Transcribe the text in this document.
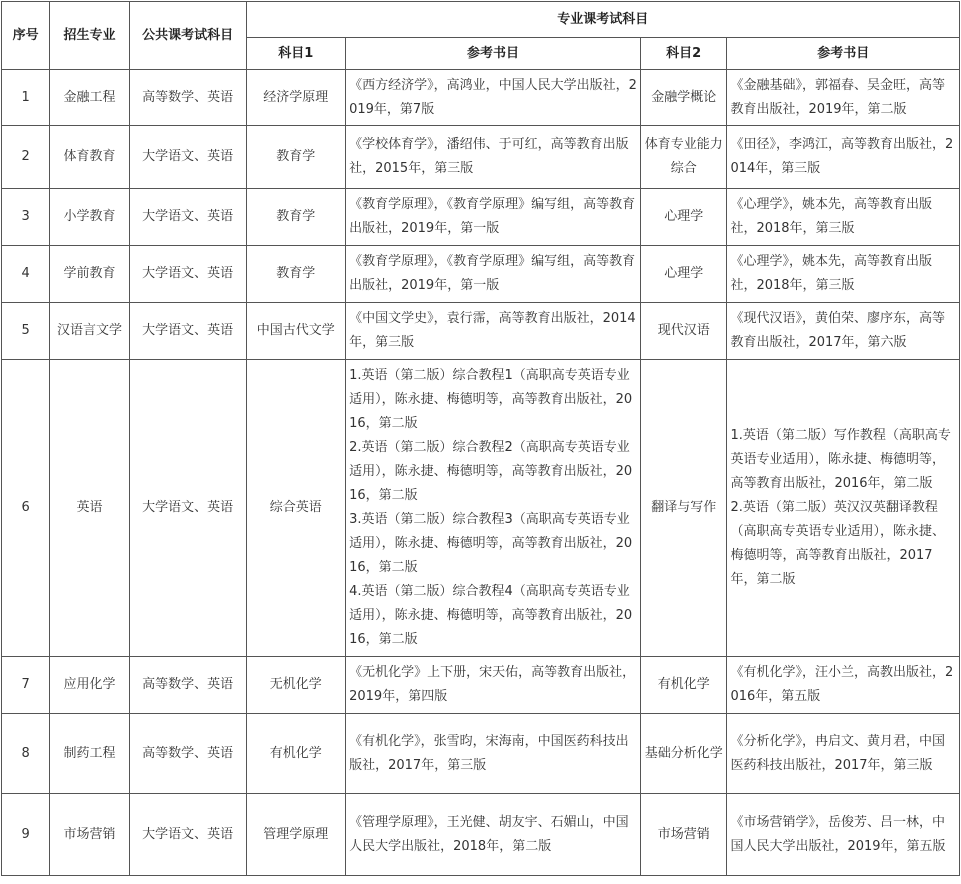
序号	招生专业	公共课考试科目	专业课考试科目			
			科目1	参考书目	科目2	参考书目
1	金融工程	高等数学、英语	经济学原理	《西方经济学》，高鸿业，中国人民大学出版社，2019年，第7版	金融学概论	《金融基础》，郭福春、吴金旺，高等教育出版社，2019年，第二版

2	体育教育	大学语文、英语	教育学	《学校体育学》，潘绍伟、于可红，高等教育出版社，2015年，第三版	体育专业能力综合	《田径》，李鸿江，高等教育出版社，2014年，第三版

3	小学教育	大学语文、英语	教育学	《教育学原理》，《教育学原理》编写组，高等教育出版社，2019年，第一版	心理学	《心理学》，姚本先，高等教育出版社，2018年，第三版

4	学前教育	大学语文、英语	教育学	《教育学原理》，《教育学原理》编写组，高等教育出版社，2019年，第一版	心理学	《心理学》，姚本先，高等教育出版社，2018年，第三版

5	汉语言文学	大学语文、英语	中国古代文学	《中国文学史》，袁行霈，高等教育出版社，2014年，第三版	现代汉语	《现代汉语》，黄伯荣、廖序东，高等教育出版社，2017年，第六版

6	英语	大学语文、英语	综合英语	1.英语（第二版）综合教程1（高职高专英语专业适用），陈永捷、梅德明等，高等教育出版社，2016，第二版
2.英语（第二版）综合教程2（高职高专英语专业适用），陈永捷、梅德明等，高等教育出版社，2016，第二版
3.英语（第二版）综合教程3（高职高专英语专业适用），陈永捷、梅德明等，高等教育出版社，2016，第二版
4.英语（第二版）综合教程4（高职高专英语专业适用），陈永捷、梅德明等，高等教育出版社，2016，第二版	翻译与写作	1.英语（第二版）写作教程（高职高专英语专业适用），陈永捷、梅德明等，高等教育出版社，2016年，第二版
2.英语（第二版）英汉汉英翻译教程（高职高专英语专业适用），陈永捷、梅德明等，高等教育出版社，2017年，第二版

7	应用化学	高等数学、英语	无机化学	《无机化学》上下册，宋天佑，高等教育出版社，2019年，第四版	有机化学	《有机化学》，汪小兰，高教出版社，2016年，第五版

8	制药工程	高等数学、英语	有机化学	《有机化学》，张雪昀，宋海南，中国医药科技出版社，2017年，第三版	基础分析化学	《分析化学》，冉启文、黄月君，中国医药科技出版社，2017年，第三版

9	市场营销	大学语文、英语	管理学原理	《管理学原理》，王光健、胡友宇、石媚山，中国人民大学出版社，2018年，第二版	市场营销	《市场营销学》，岳俊芳、吕一林，中国人民大学出版社，2019年，第五版
